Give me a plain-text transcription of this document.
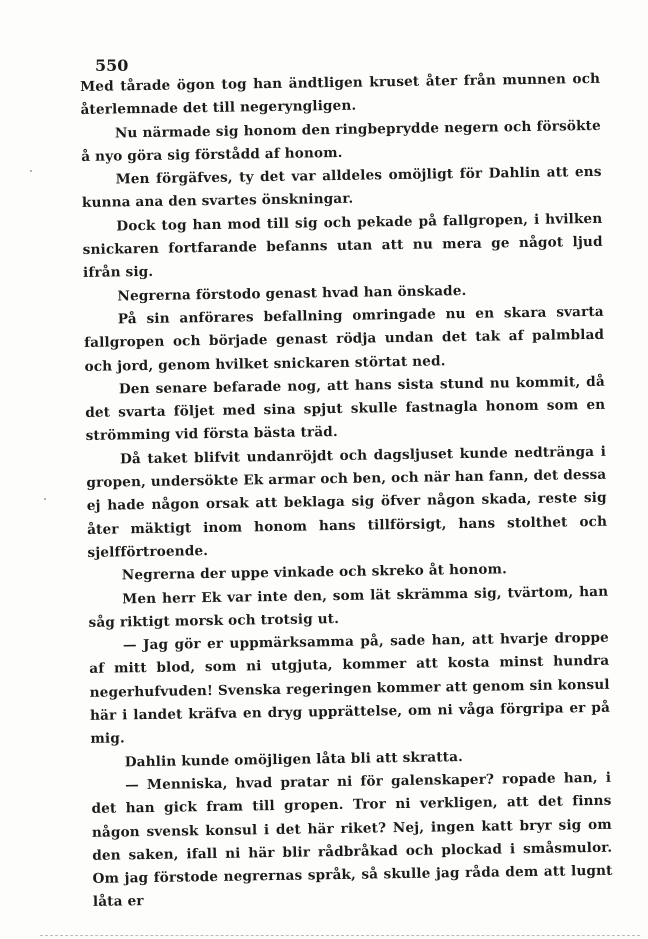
550

Med tårade ögon tog han ändtligen kruset åter från munnen och återlemnade det till negeryngligen.

Nu närmade sig honom den ringbeprydde negern och försökte å nyo göra sig förstådd af honom.

Men förgäfves, ty det var alldeles omöjligt för Dahlin att ens kunna ana den svartes önskningar.

Dock tog han mod till sig och pekade på fallgropen, i hvilken snickaren fortfarande befanns utan att nu mera ge något ljud ifrån sig.

Negrerna förstodo genast hvad han önskade.

På sin anförares befallning omringade nu en skara svarta fallgropen och började genast rödja undan det tak af palmblad och jord, genom hvilket snickaren störtat ned.

Den senare befarade nog, att hans sista stund nu kommit, då det svarta följet med sina spjut skulle fastnagla honom som en strömming vid första bästa träd.

Då taket blifvit undanröjdt och dagsljuset kunde nedtränga i gropen, undersökte Ek armar och ben, och när han fann, det dessa ej hade någon orsak att beklaga sig öfver någon skada, reste sig åter mäktigt inom honom hans tillförsigt, hans stolthet och sjelfförtroende.

Negrerna der uppe vinkade och skreko åt honom.

Men herr Ek var inte den, som lät skrämma sig, tvärtom, han såg riktigt morsk och trotsig ut.

— Jag gör er uppmärksamma på, sade han, att hvarje droppe af mitt blod, som ni utgjuta, kommer att kosta minst hundra negerhufvuden! Svenska regeringen kommer att genom sin konsul här i landet kräfva en dryg upprättelse, om ni våga förgripa er på mig.

Dahlin kunde omöjligen låta bli att skratta.

— Menniska, hvad pratar ni för galenskaper? ropade han, i det han gick fram till gropen. Tror ni verkligen, att det finns någon svensk konsul i det här riket? Nej, ingen katt bryr sig om den saken, ifall ni här blir rådbråkad och plockad i småsmulor. Om jag förstode negrernas språk, så skulle jag råda dem att lugnt låta er
